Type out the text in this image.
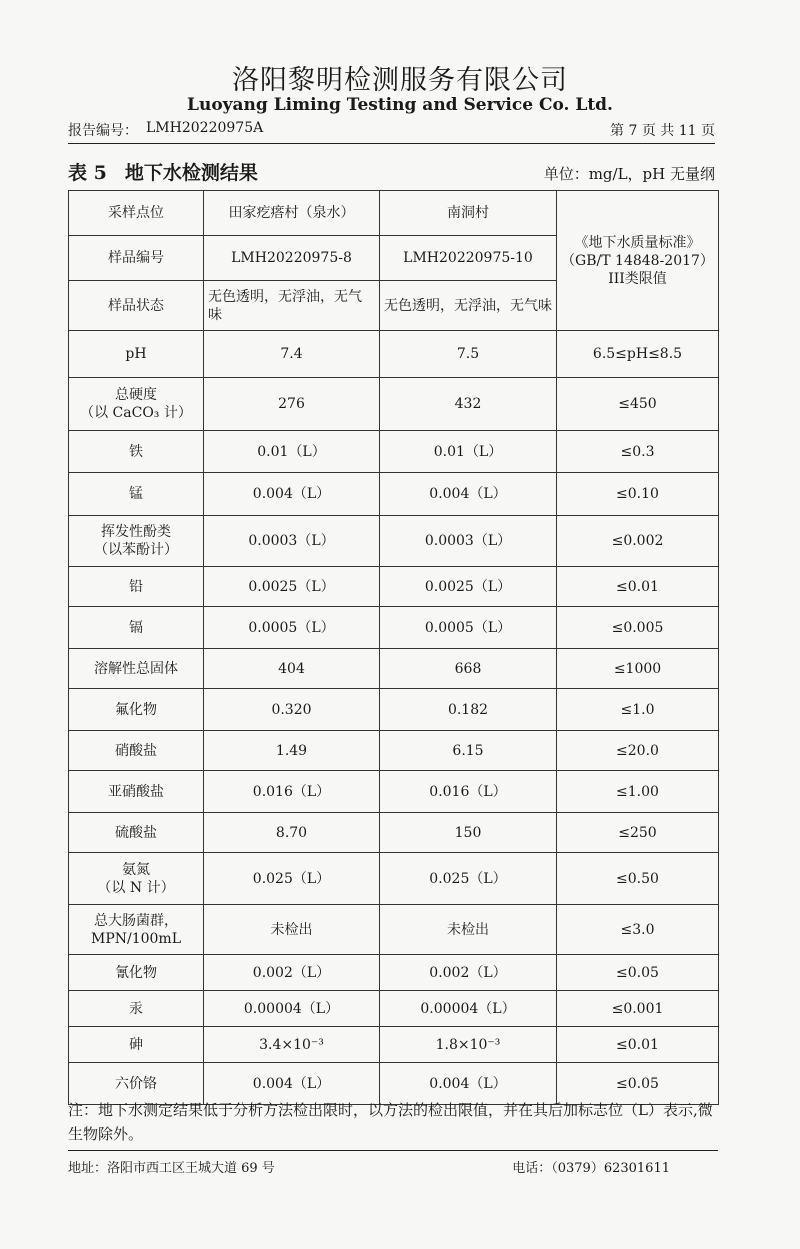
洛阳黎明检测服务有限公司
Luoyang Liming Testing and Service Co. Ltd.
报告编号： LMH20220975A	第 7 页 共 11 页
表 5 地下水检测结果	单位：mg/L，pH 无量纲
采样点位	田家疙瘩村（泉水）	南洞村	《地下水质量标准》（GB/T 14848-2017）III类限值
样品编号	LMH20220975-8	LMH20220975-10	
样品状态	无色透明，无浮油，无气味	无色透明，无浮油，无气味	
pH	7.4	7.5	6.5≤pH≤8.5
总硬度
（以 CaCO₃ 计）	276	432	≤450
铁	0.01（L）	0.01（L）	≤0.3
锰	0.004（L）	0.004（L）	≤0.10
挥发性酚类
（以苯酚计）	0.0003（L）	0.0003（L）	≤0.002
铅	0.0025（L）	0.0025（L）	≤0.01
镉	0.0005（L）	0.0005（L）	≤0.005
溶解性总固体	404	668	≤1000
氟化物	0.320	0.182	≤1.0
硝酸盐	1.49	6.15	≤20.0
亚硝酸盐	0.016（L）	0.016（L）	≤1.00
硫酸盐	8.70	150	≤250
氨氮
（以 N 计）	0.025（L）	0.025（L）	≤0.50
总大肠菌群，
MPN/100mL	未检出	未检出	≤3.0
氰化物	0.002（L）	0.002（L）	≤0.05
汞	0.00004（L）	0.00004（L）	≤0.001
砷	3.4×10⁻³	1.8×10⁻³	≤0.01
六价铬	0.004（L）	0.004（L）	≤0.05
注：地下水测定结果低于分析方法检出限时，以方法的检出限值，并在其后加标志位（L）表示,微生物除外。
地址：洛阳市西工区王城大道 69 号	电话：（0379）62301611
